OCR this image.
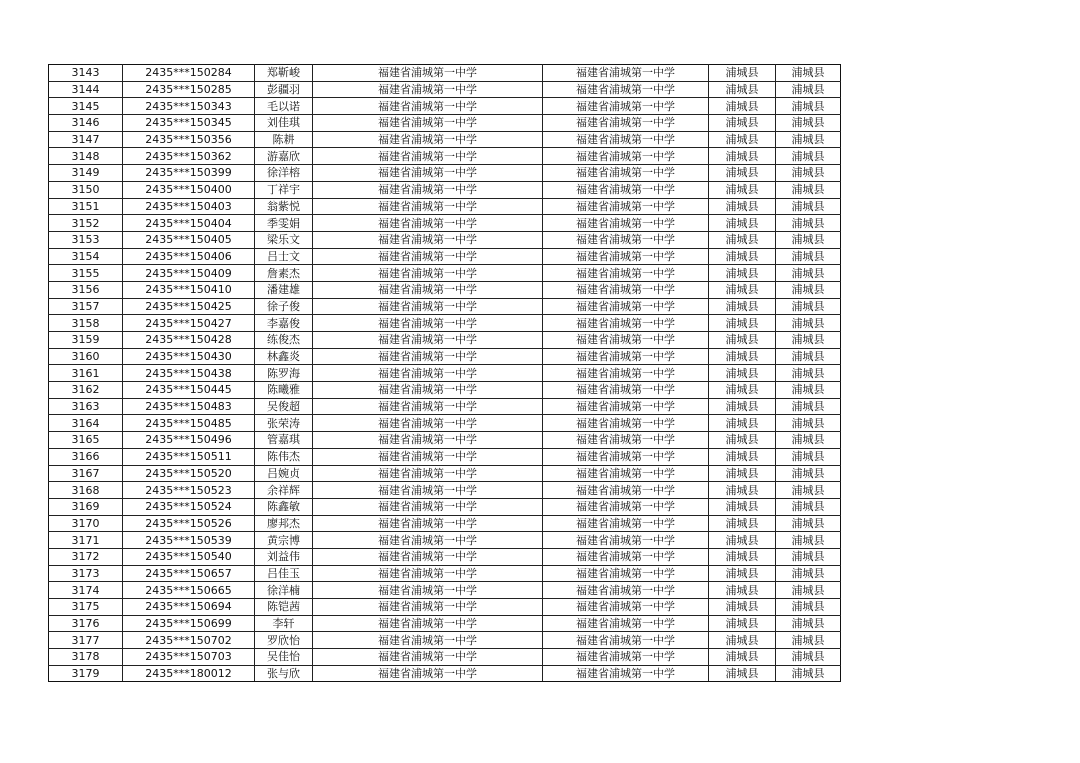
3143	2435***150284	郑靳峻	福建省浦城第一中学	福建省浦城第一中学	浦城县	浦城县
3144	2435***150285	彭疆羽	福建省浦城第一中学	福建省浦城第一中学	浦城县	浦城县
3145	2435***150343	毛以诺	福建省浦城第一中学	福建省浦城第一中学	浦城县	浦城县
3146	2435***150345	刘佳琪	福建省浦城第一中学	福建省浦城第一中学	浦城县	浦城县
3147	2435***150356	陈耕	福建省浦城第一中学	福建省浦城第一中学	浦城县	浦城县
3148	2435***150362	游嘉欣	福建省浦城第一中学	福建省浦城第一中学	浦城县	浦城县
3149	2435***150399	徐洋榕	福建省浦城第一中学	福建省浦城第一中学	浦城县	浦城县
3150	2435***150400	丁祥宇	福建省浦城第一中学	福建省浦城第一中学	浦城县	浦城县
3151	2435***150403	翁紫悦	福建省浦城第一中学	福建省浦城第一中学	浦城县	浦城县
3152	2435***150404	季雯娟	福建省浦城第一中学	福建省浦城第一中学	浦城县	浦城县
3153	2435***150405	梁乐文	福建省浦城第一中学	福建省浦城第一中学	浦城县	浦城县
3154	2435***150406	吕士文	福建省浦城第一中学	福建省浦城第一中学	浦城县	浦城县
3155	2435***150409	詹素杰	福建省浦城第一中学	福建省浦城第一中学	浦城县	浦城县
3156	2435***150410	潘建雄	福建省浦城第一中学	福建省浦城第一中学	浦城县	浦城县
3157	2435***150425	徐子俊	福建省浦城第一中学	福建省浦城第一中学	浦城县	浦城县
3158	2435***150427	李嘉俊	福建省浦城第一中学	福建省浦城第一中学	浦城县	浦城县
3159	2435***150428	练俊杰	福建省浦城第一中学	福建省浦城第一中学	浦城县	浦城县
3160	2435***150430	林鑫炎	福建省浦城第一中学	福建省浦城第一中学	浦城县	浦城县
3161	2435***150438	陈罗海	福建省浦城第一中学	福建省浦城第一中学	浦城县	浦城县
3162	2435***150445	陈曦雅	福建省浦城第一中学	福建省浦城第一中学	浦城县	浦城县
3163	2435***150483	吴俊超	福建省浦城第一中学	福建省浦城第一中学	浦城县	浦城县
3164	2435***150485	张荣涛	福建省浦城第一中学	福建省浦城第一中学	浦城县	浦城县
3165	2435***150496	管嘉琪	福建省浦城第一中学	福建省浦城第一中学	浦城县	浦城县
3166	2435***150511	陈伟杰	福建省浦城第一中学	福建省浦城第一中学	浦城县	浦城县
3167	2435***150520	吕婉贞	福建省浦城第一中学	福建省浦城第一中学	浦城县	浦城县
3168	2435***150523	余祥辉	福建省浦城第一中学	福建省浦城第一中学	浦城县	浦城县
3169	2435***150524	陈鑫敏	福建省浦城第一中学	福建省浦城第一中学	浦城县	浦城县
3170	2435***150526	廖邦杰	福建省浦城第一中学	福建省浦城第一中学	浦城县	浦城县
3171	2435***150539	黄宗博	福建省浦城第一中学	福建省浦城第一中学	浦城县	浦城县
3172	2435***150540	刘益伟	福建省浦城第一中学	福建省浦城第一中学	浦城县	浦城县
3173	2435***150657	吕佳玉	福建省浦城第一中学	福建省浦城第一中学	浦城县	浦城县
3174	2435***150665	徐洋楠	福建省浦城第一中学	福建省浦城第一中学	浦城县	浦城县
3175	2435***150694	陈铠茜	福建省浦城第一中学	福建省浦城第一中学	浦城县	浦城县
3176	2435***150699	李轩	福建省浦城第一中学	福建省浦城第一中学	浦城县	浦城县
3177	2435***150702	罗欣怡	福建省浦城第一中学	福建省浦城第一中学	浦城县	浦城县
3178	2435***150703	吴佳怡	福建省浦城第一中学	福建省浦城第一中学	浦城县	浦城县
3179	2435***180012	张与欣	福建省浦城第一中学	福建省浦城第一中学	浦城县	浦城县
